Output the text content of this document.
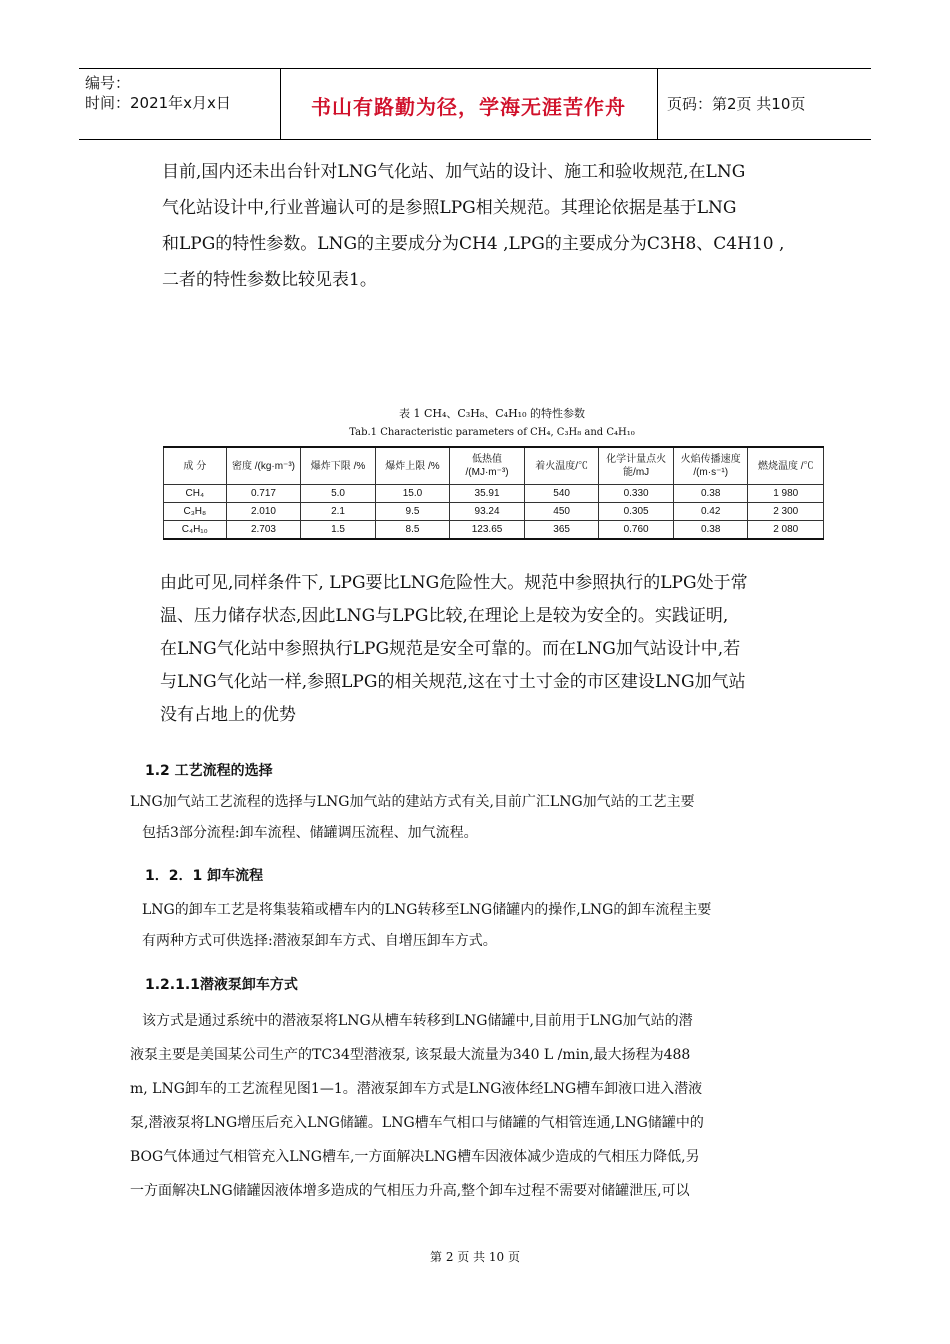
编号：
时间：2021年x月x日	书山有路勤为径，学海无涯苦作舟	页码：第2页 共10页
目前,国内还未出台针对LNG气化站、加气站的设计、施工和验收规范,在LNG
气化站设计中,行业普遍认可的是参照LPG相关规范。其理论依据是基于LNG
和LPG的特性参数。LNG的主要成分为CH4 ,LPG的主要成分为C3H8、C4H10 ,
二者的特性参数比较见表1。
表 1 CH₄、C₃H₈、C₄H₁₀ 的特性参数
Tab.1 Characteristic parameters of CH₄, C₃H₈ and C₄H₁₀
成 分	密度 /(kg·m⁻³)	爆炸下限 /%	爆炸上限 /%	低热值 /(MJ·m⁻³)	着火温度/℃	化学计量点火能/mJ	火焰传播速度 /(m·s⁻¹)	燃烧温度 /℃
CH₄	0.717	5.0	15.0	35.91	540	0.330	0.38	1 980
C₃H₈	2.010	2.1	9.5	93.24	450	0.305	0.42	2 300
C₄H₁₀	2.703	1.5	8.5	123.65	365	0.760	0.38	2 080
由此可见,同样条件下, LPG要比LNG危险性大。规范中参照执行的LPG处于常
温、压力储存状态,因此LNG与LPG比较,在理论上是较为安全的。实践证明,
在LNG气化站中参照执行LPG规范是安全可靠的。而在LNG加气站设计中,若
与LNG气化站一样,参照LPG的相关规范,这在寸土寸金的市区建设LNG加气站
没有占地上的优势
1.2 工艺流程的选择
LNG加气站工艺流程的选择与LNG加气站的建站方式有关,目前广汇LNG加气站的工艺主要
包括3部分流程:卸车流程、储罐调压流程、加气流程。
1．2．1 卸车流程
LNG的卸车工艺是将集装箱或槽车内的LNG转移至LNG储罐内的操作,LNG的卸车流程主要
有两种方式可供选择:潜液泵卸车方式、自增压卸车方式。
1.2.1.1潜液泵卸车方式
该方式是通过系统中的潜液泵将LNG从槽车转移到LNG储罐中,目前用于LNG加气站的潜
液泵主要是美国某公司生产的TC34型潜液泵, 该泵最大流量为340 L /min,最大扬程为488
m, LNG卸车的工艺流程见图1—1。潜液泵卸车方式是LNG液体经LNG槽车卸液口进入潜液
泵,潜液泵将LNG增压后充入LNG储罐。LNG槽车气相口与储罐的气相管连通,LNG储罐中的
BOG气体通过气相管充入LNG槽车,一方面解决LNG槽车因液体减少造成的气相压力降低,另
一方面解决LNG储罐因液体增多造成的气相压力升高,整个卸车过程不需要对储罐泄压,可以
第 2 页 共 10 页
